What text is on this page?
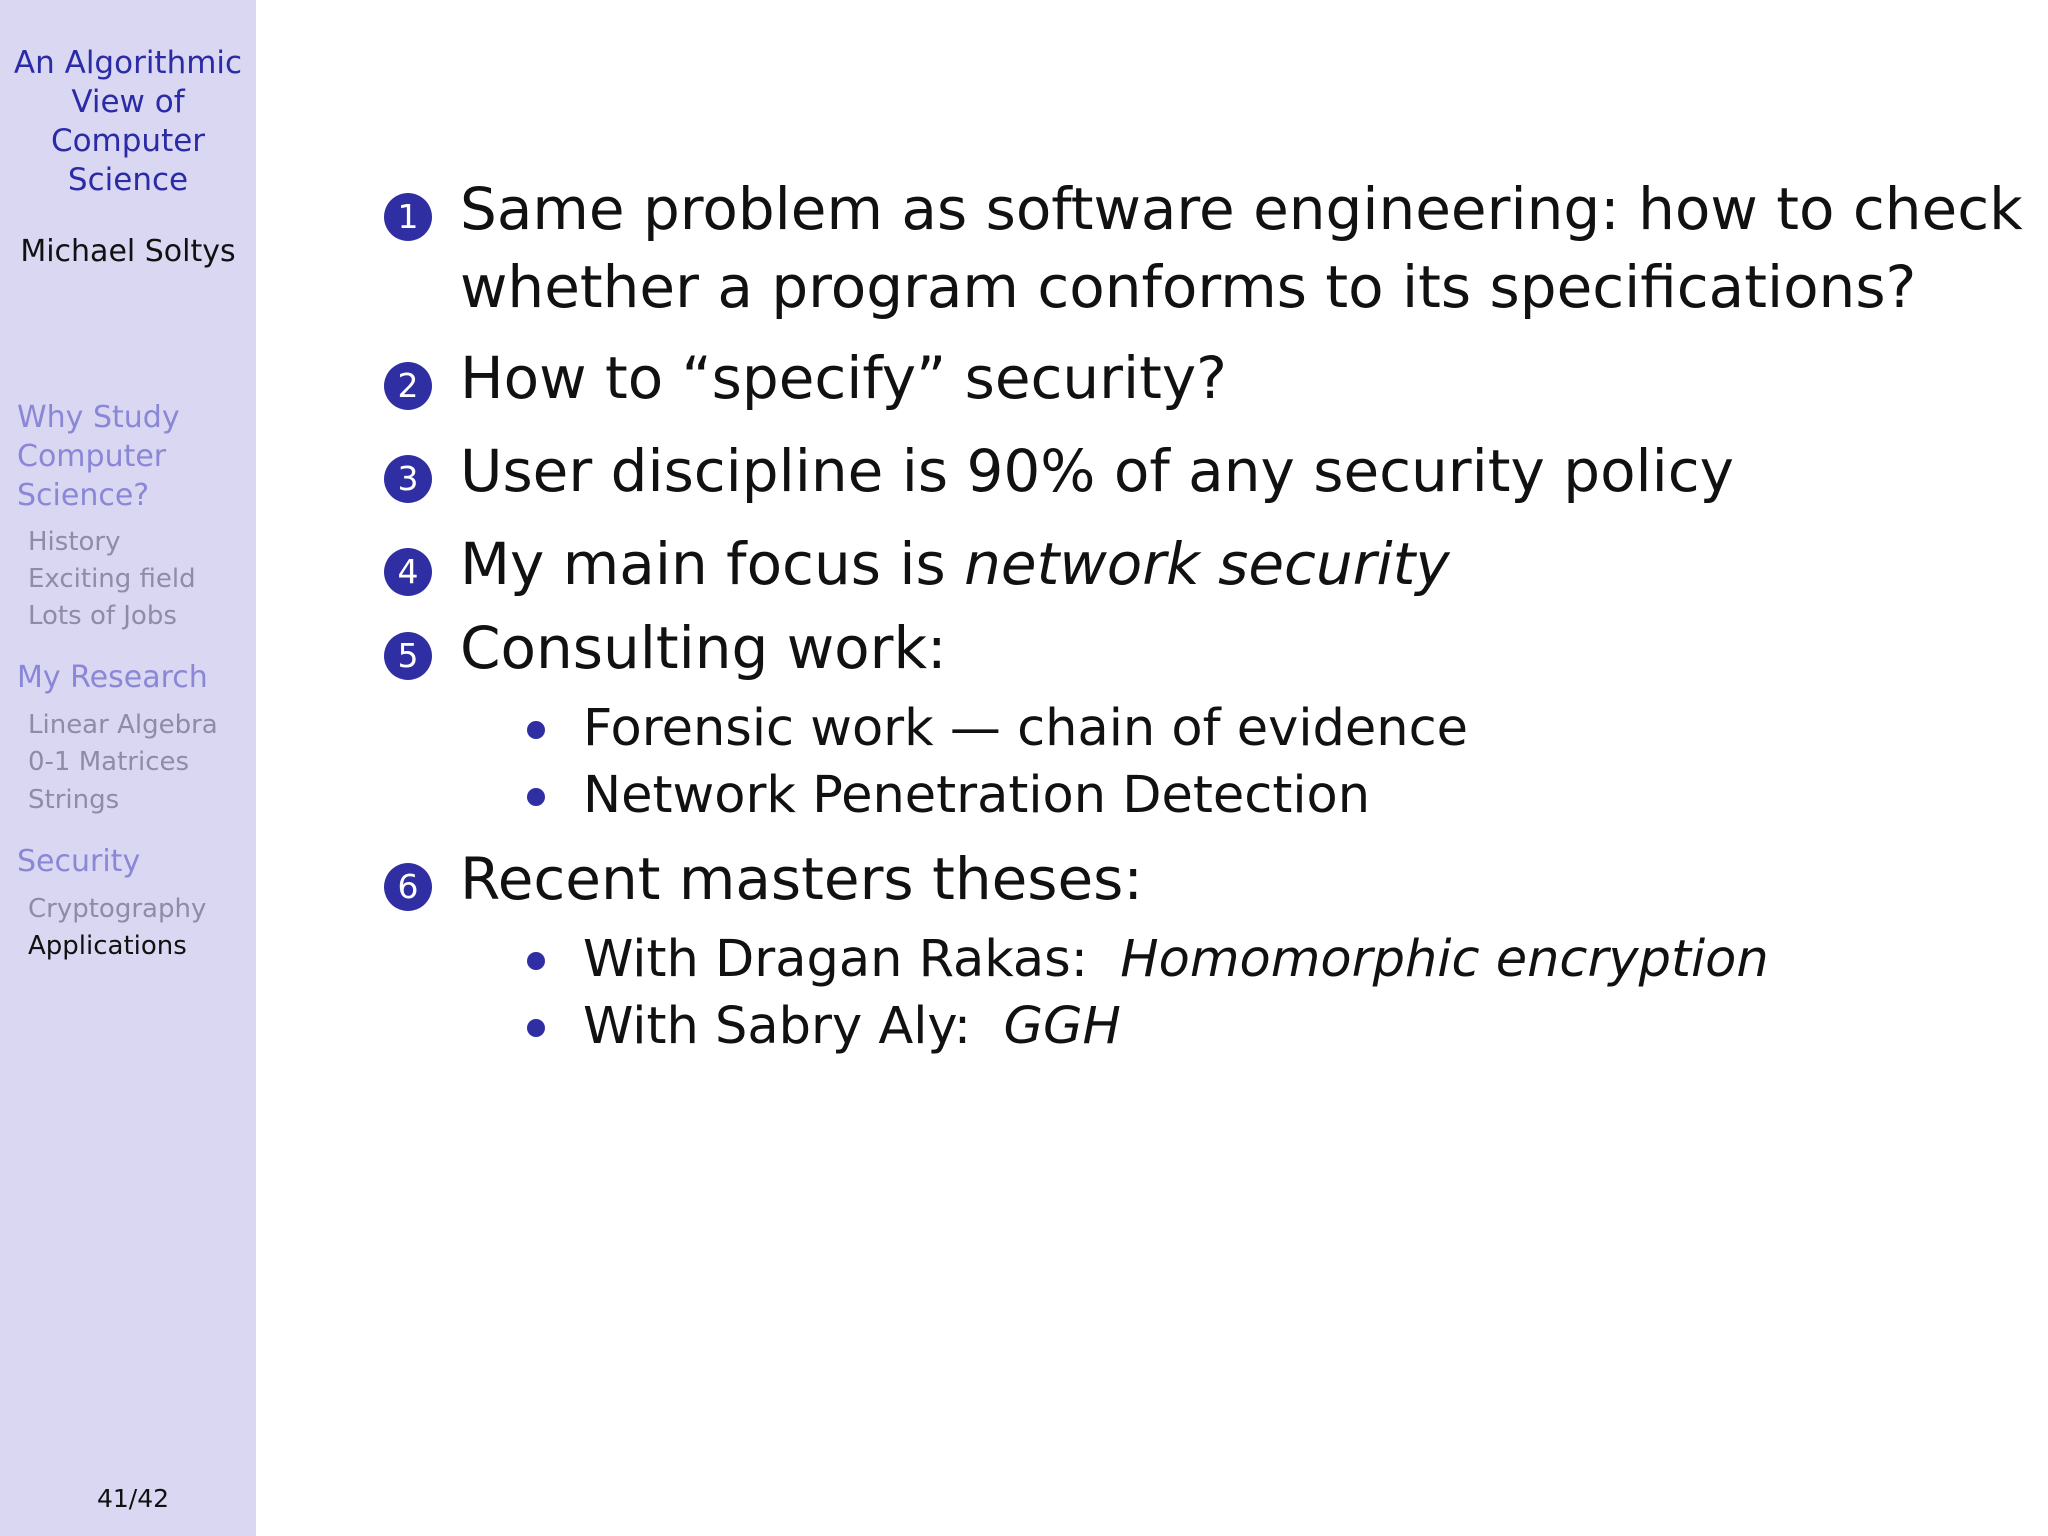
An Algorithmic
View of
Computer
Science
Michael Soltys
Why Study
Computer
Science?
History
Exciting field
Lots of Jobs
My Research
Linear Algebra
0-1 Matrices
Strings
Security
Cryptography
Applications
41/42
1 Same problem as software engineering: how to check
whether a program conforms to its specifications?
2 How to “specify” security?
3 User discipline is 90% of any security policy
4 My main focus is network security
5 Consulting work:
Forensic work — chain of evidence
Network Penetration Detection
6 Recent masters theses:
With Dragan Rakas:  Homomorphic encryption
With Sabry Aly:  GGH
